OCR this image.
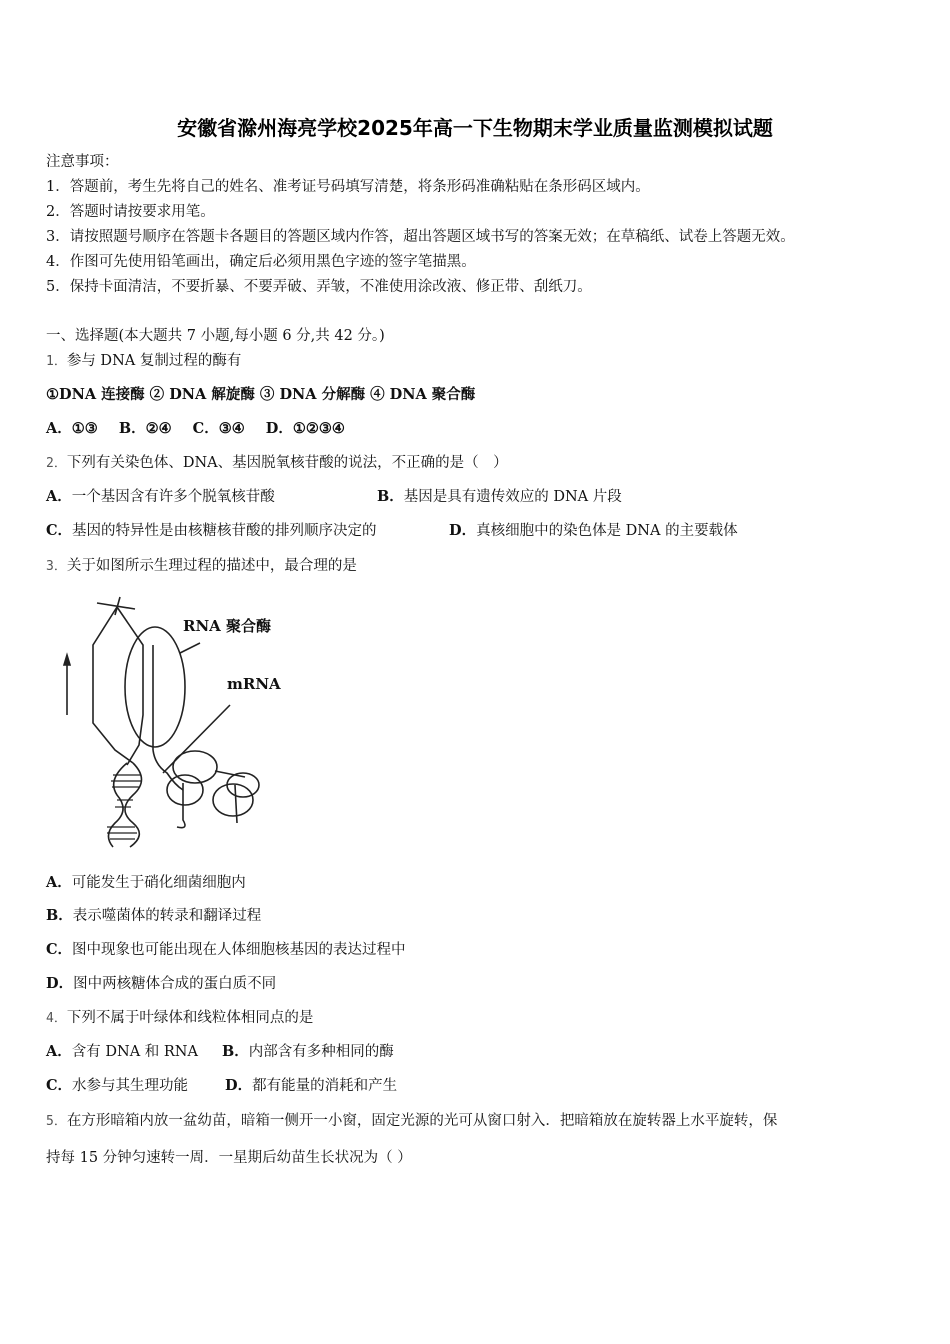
安徽省滁州海亮学校2025年高一下生物期末学业质量监测模拟试题
注意事项：
1．答题前，考生先将自己的姓名、准考证号码填写清楚，将条形码准确粘贴在条形码区域内。
2．答题时请按要求用笔。
3．请按照题号顺序在答题卡各题目的答题区域内作答，超出答题区域书写的答案无效；在草稿纸、试卷上答题无效。
4．作图可先使用铅笔画出，确定后必须用黑色字迹的签字笔描黑。
5．保持卡面清洁，不要折暴、不要弄破、弄皱，不准使用涂改液、修正带、刮纸刀。
一、选择题(本大题共 7 小题,每小题 6 分,共 42 分。)
1．参与 DNA 复制过程的酶有
①DNA 连接酶 ② DNA 解旋酶 ③ DNA 分解酶 ④ DNA 聚合酶
A．①③ B．②④ C．③④ D．①②③④
2．下列有关染色体、DNA、基因脱氧核苷酸的说法，不正确的是（　）
A．一个基因含有许多个脱氧核苷酸	B．基因是具有遗传效应的 DNA 片段
C．基因的特异性是由核糖核苷酸的排列顺序决定的	D．真核细胞中的染色体是 DNA 的主要载体
3．关于如图所示生理过程的描述中，最合理的是
RNA 聚合酶
mRNA
A．可能发生于硝化细菌细胞内
B．表示噬菌体的转录和翻译过程
C．图中现象也可能出现在人体细胞核基因的表达过程中
D．图中两核糖体合成的蛋白质不同
4．下列不属于叶绿体和线粒体相同点的是
A．含有 DNA 和 RNA B．内部含有多种相同的酶
C．水参与其生理功能	D．都有能量的消耗和产生
5．在方形暗箱内放一盆幼苗，暗箱一侧开一小窗，固定光源的光可从窗口射入．把暗箱放在旋转器上水平旋转，保
持每 15 分钟匀速转一周．一星期后幼苗生长状况为（ ）
